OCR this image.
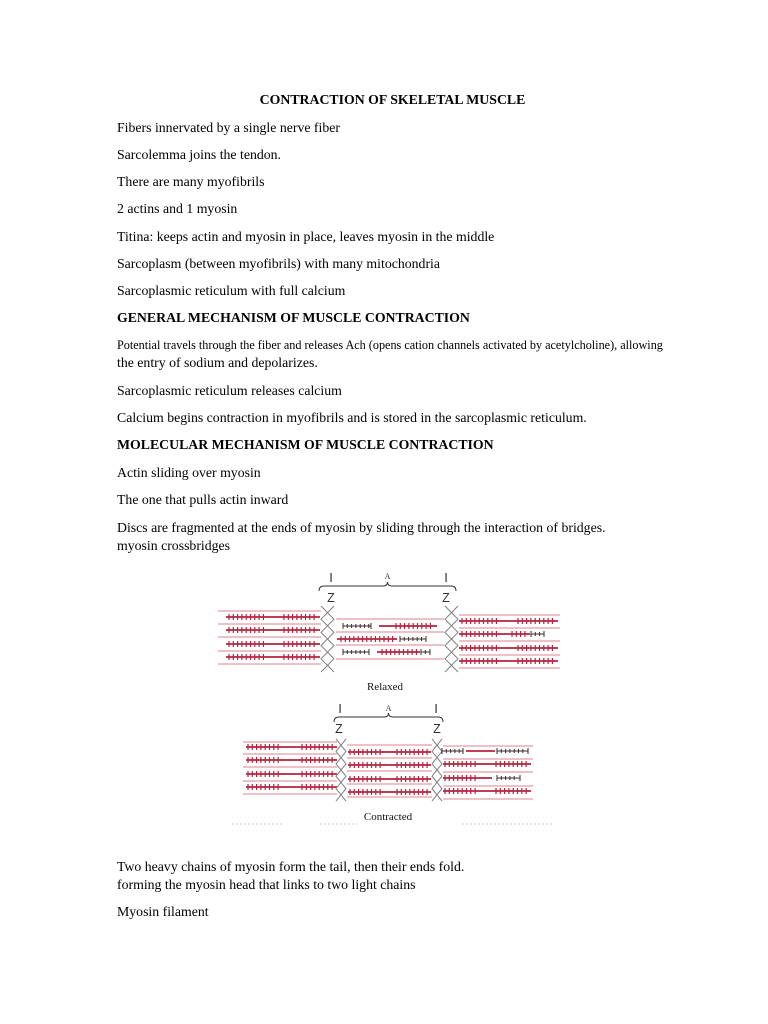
CONTRACTION OF SKELETAL MUSCLE
Fibers innervated by a single nerve fiber
Sarcolemma joins the tendon.
There are many myofibrils
2 actins and 1 myosin
Titina: keeps actin and myosin in place, leaves myosin in the middle
Sarcoplasm (between myofibrils) with many mitochondria
Sarcoplasmic reticulum with full calcium
GENERAL MECHANISM OF MUSCLE CONTRACTION
Potential travels through the fiber and releases Ach (opens cation channels activated by acetylcholine), allowing
the entry of sodium and depolarizes.
Sarcoplasmic reticulum releases calcium
Calcium begins contraction in myofibrils and is stored in the sarcoplasmic reticulum.
MOLECULAR MECHANISM OF MUSCLE CONTRACTION
Actin sliding over myosin
The one that pulls actin inward
Discs are fragmented at the ends of myosin by sliding through the interaction of bridges.
myosin crossbridges
I	A	I
Z	Z
Relaxed
I	A	I
Z	Z
Contracted
Two heavy chains of myosin form the tail, then their ends fold.
forming the myosin head that links to two light chains
Myosin filament
